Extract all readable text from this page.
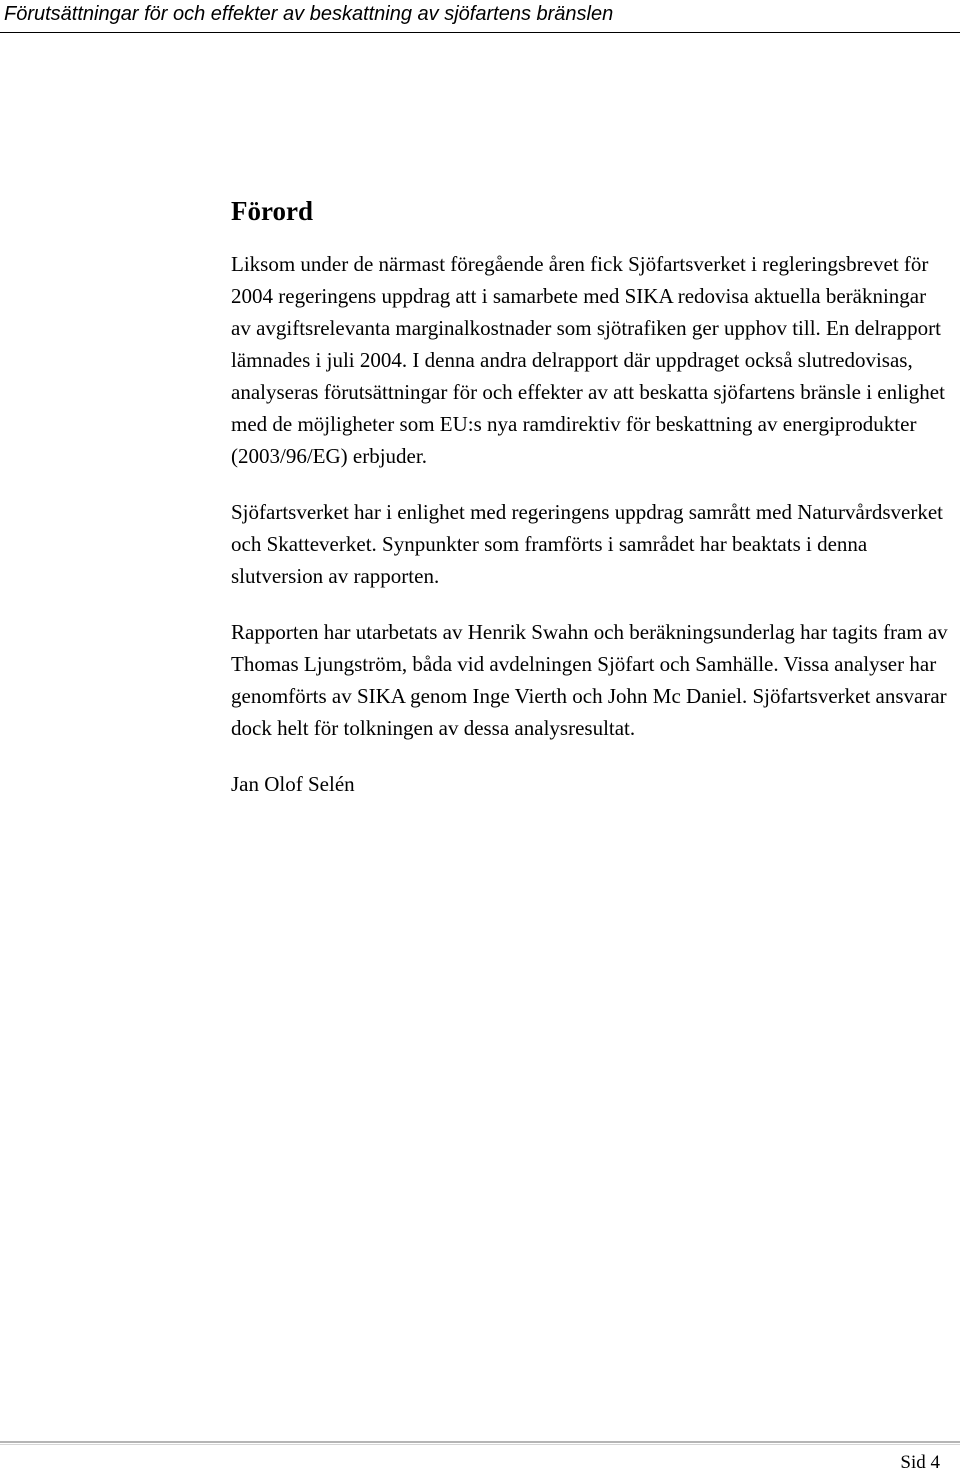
Förutsättningar för och effekter av beskattning av sjöfartens bränslen
Förord

Liksom under de närmast föregående åren fick Sjöfartsverket i regleringsbrevet för 2004 regeringens uppdrag att i samarbete med SIKA redovisa aktuella beräkningar av avgiftsrelevanta marginalkostnader som sjötrafiken ger upphov till. En delrapport lämnades i juli 2004. I denna andra delrapport där uppdraget också slutredovisas, analyseras förutsättningar för och effekter av att beskatta sjöfartens bränsle i enlighet med de möjligheter som EU:s nya ramdirektiv för beskattning av energiprodukter (2003/96/EG) erbjuder.

Sjöfartsverket har i enlighet med regeringens uppdrag samrått med Naturvårdsverket och Skatteverket. Synpunkter som framförts i samrådet har beaktats i denna slutversion av rapporten.

Rapporten har utarbetats av Henrik Swahn och beräkningsunderlag har tagits fram av Thomas Ljungström, båda vid avdelningen Sjöfart och Samhälle. Vissa analyser har genomförts av SIKA genom Inge Vierth och John Mc Daniel. Sjöfartsverket ansvarar dock helt för tolkningen av dessa analysresultat.

Jan Olof Selén

Sid 4
